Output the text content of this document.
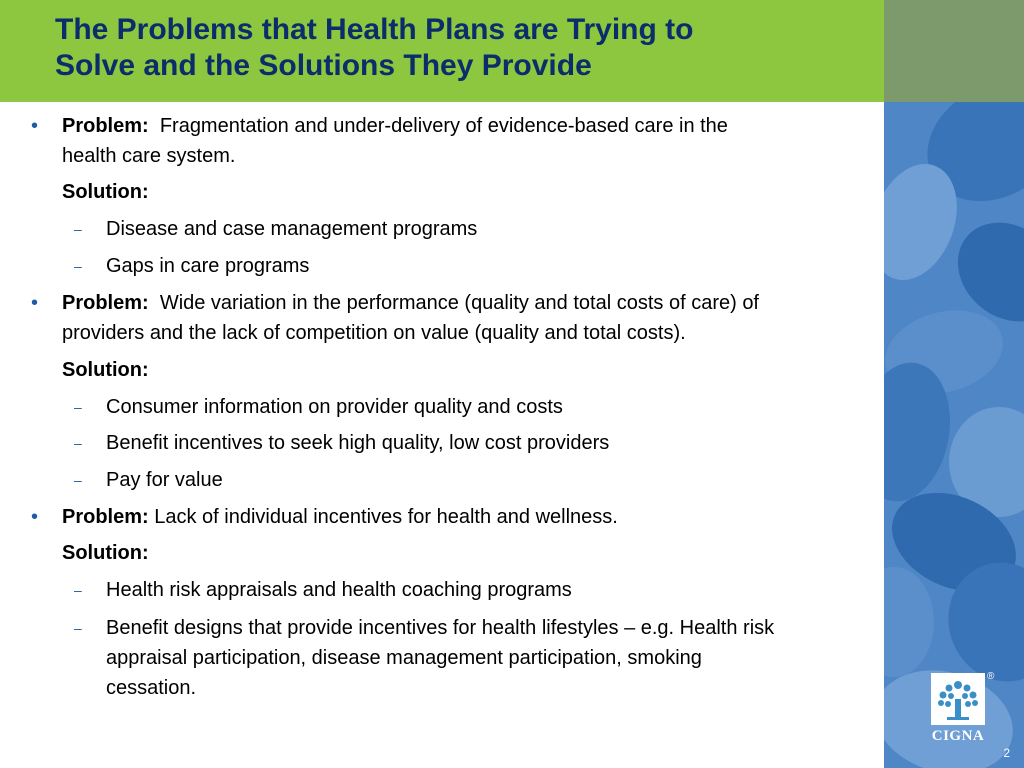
The Problems that Health Plans are Trying to
Solve and the Solutions They Provide
®
CIGNA
2
• Problem: Fragmentation and under-delivery of evidence-based care in the

health care system.

Solution:

– Disease and case management programs

– Gaps in care programs

• Problem: Wide variation in the performance (quality and total costs of care) of

providers and the lack of competition on value (quality and total costs).

Solution:

– Consumer information on provider quality and costs

– Benefit incentives to seek high quality, low cost providers

– Pay for value

• Problem: Lack of individual incentives for health and wellness.

Solution:

– Health risk appraisals and health coaching programs

– Benefit designs that provide incentives for health lifestyles – e.g. Health risk

appraisal participation, disease management participation, smoking

cessation.
